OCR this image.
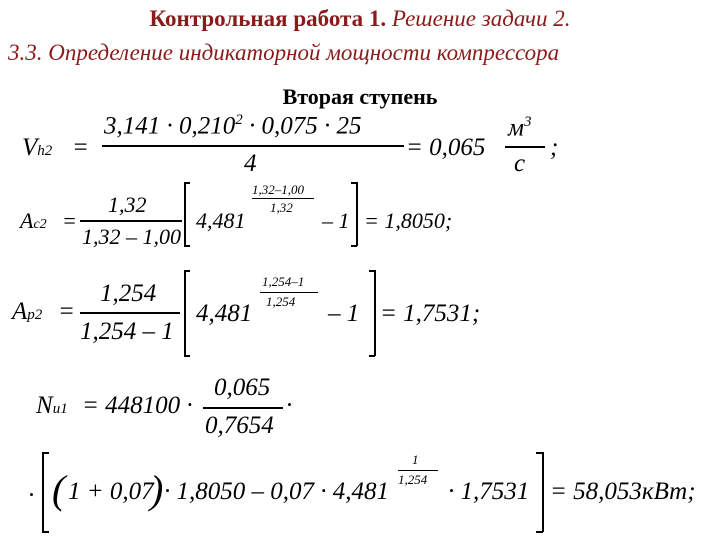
Контрольная работа 1. Решение задачи 2.
3.3. Определение индикаторной мощности компрессора
Вторая ступень
Vh2 =
$3,141 \cdot 0,210^2 \cdot 0,075 \cdot 25$
4
= 0,065
$м^3$
c
;
Ac2 =
1,32
1,32 – 1,00
4,481
1,32–1,00
1,32
– 1 = 1,8050;
Ap2 =
1,254
1,254 – 1
4,481
1,254–1
1,254 – 1 = 1,7531;
Nи1 = 448100 ·
0,065
0,7654
·
· ( 1 + 0,07
) · 1,8050 – 0,07 · 4,481
1
1,254 · 1,7531 = 58,053кВт;
